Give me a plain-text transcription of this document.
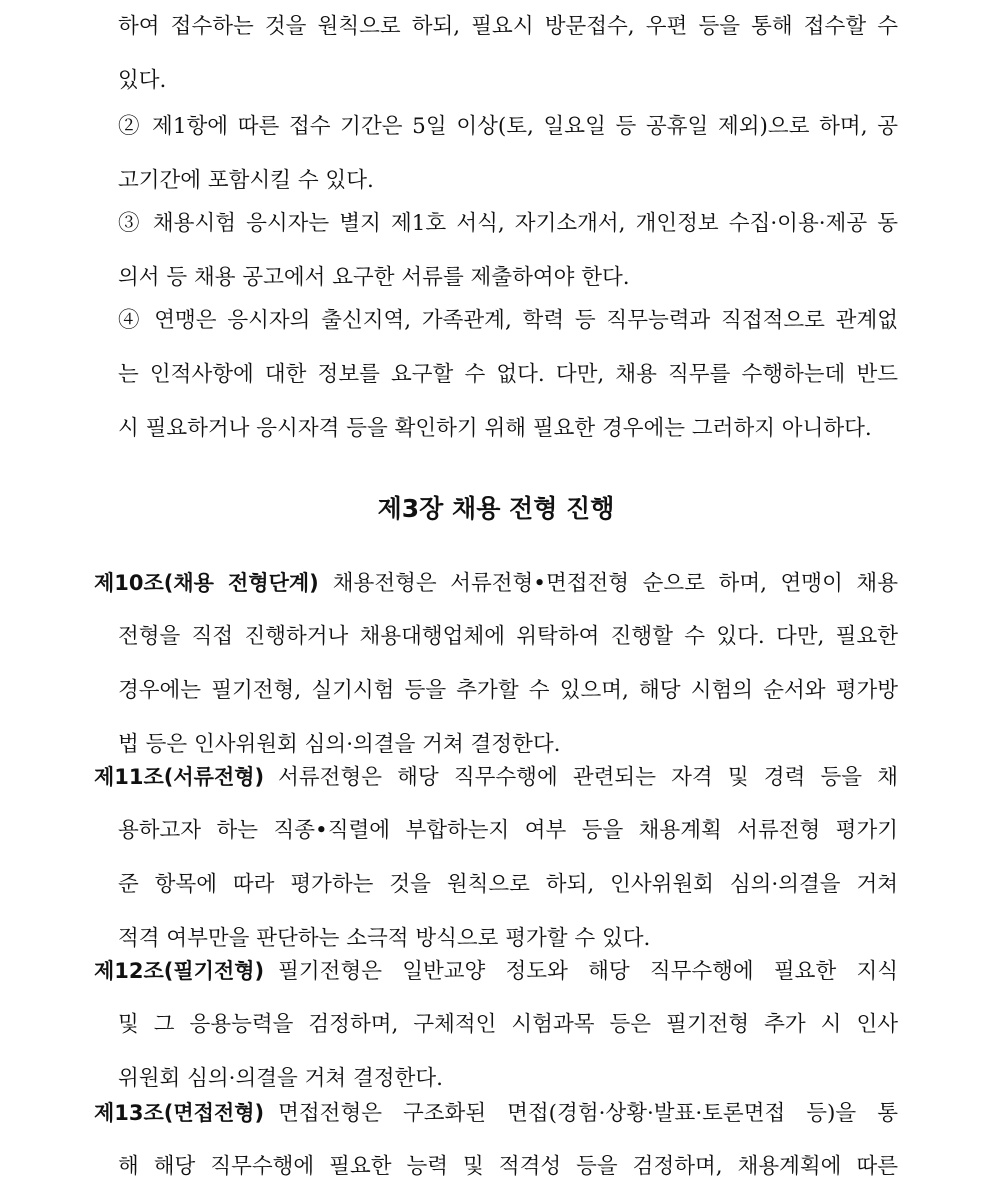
하여 접수하는 것을 원칙으로 하되, 필요시 방문접수, 우편 등을 통해 접수할 수
있다.
② 제1항에 따른 접수 기간은 5일 이상(토, 일요일 등 공휴일 제외)으로 하며, 공
고기간에 포함시킬 수 있다.
③ 채용시험 응시자는 별지 제1호 서식, 자기소개서, 개인정보 수집·이용·제공 동
의서 등 채용 공고에서 요구한 서류를 제출하여야 한다.
④ 연맹은 응시자의 출신지역, 가족관계, 학력 등 직무능력과 직접적으로 관계없
는 인적사항에 대한 정보를 요구할 수 없다. 다만, 채용 직무를 수행하는데 반드
시 필요하거나 응시자격 등을 확인하기 위해 필요한 경우에는 그러하지 아니하다.
제3장 채용 전형 진행
제10조(채용 전형단계) 채용전형은 서류전형•면접전형 순으로 하며, 연맹이 채용
전형을 직접 진행하거나 채용대행업체에 위탁하여 진행할 수 있다. 다만, 필요한
경우에는 필기전형, 실기시험 등을 추가할 수 있으며, 해당 시험의 순서와 평가방
법 등은 인사위원회 심의·의결을 거쳐 결정한다.
제11조(서류전형) 서류전형은 해당 직무수행에 관련되는 자격 및 경력 등을 채
용하고자 하는 직종•직렬에 부합하는지 여부 등을 채용계획 서류전형 평가기
준 항목에 따라 평가하는 것을 원칙으로 하되, 인사위원회 심의·의결을 거쳐
적격 여부만을 판단하는 소극적 방식으로 평가할 수 있다.
제12조(필기전형) 필기전형은 일반교양 정도와 해당 직무수행에 필요한 지식
및 그 응용능력을 검정하며, 구체적인 시험과목 등은 필기전형 추가 시 인사
위원회 심의·의결을 거쳐 결정한다.
제13조(면접전형) 면접전형은 구조화된 면접(경험·상황·발표·토론면접 등)을 통
해 해당 직무수행에 필요한 능력 및 적격성 등을 검정하며, 채용계획에 따른
